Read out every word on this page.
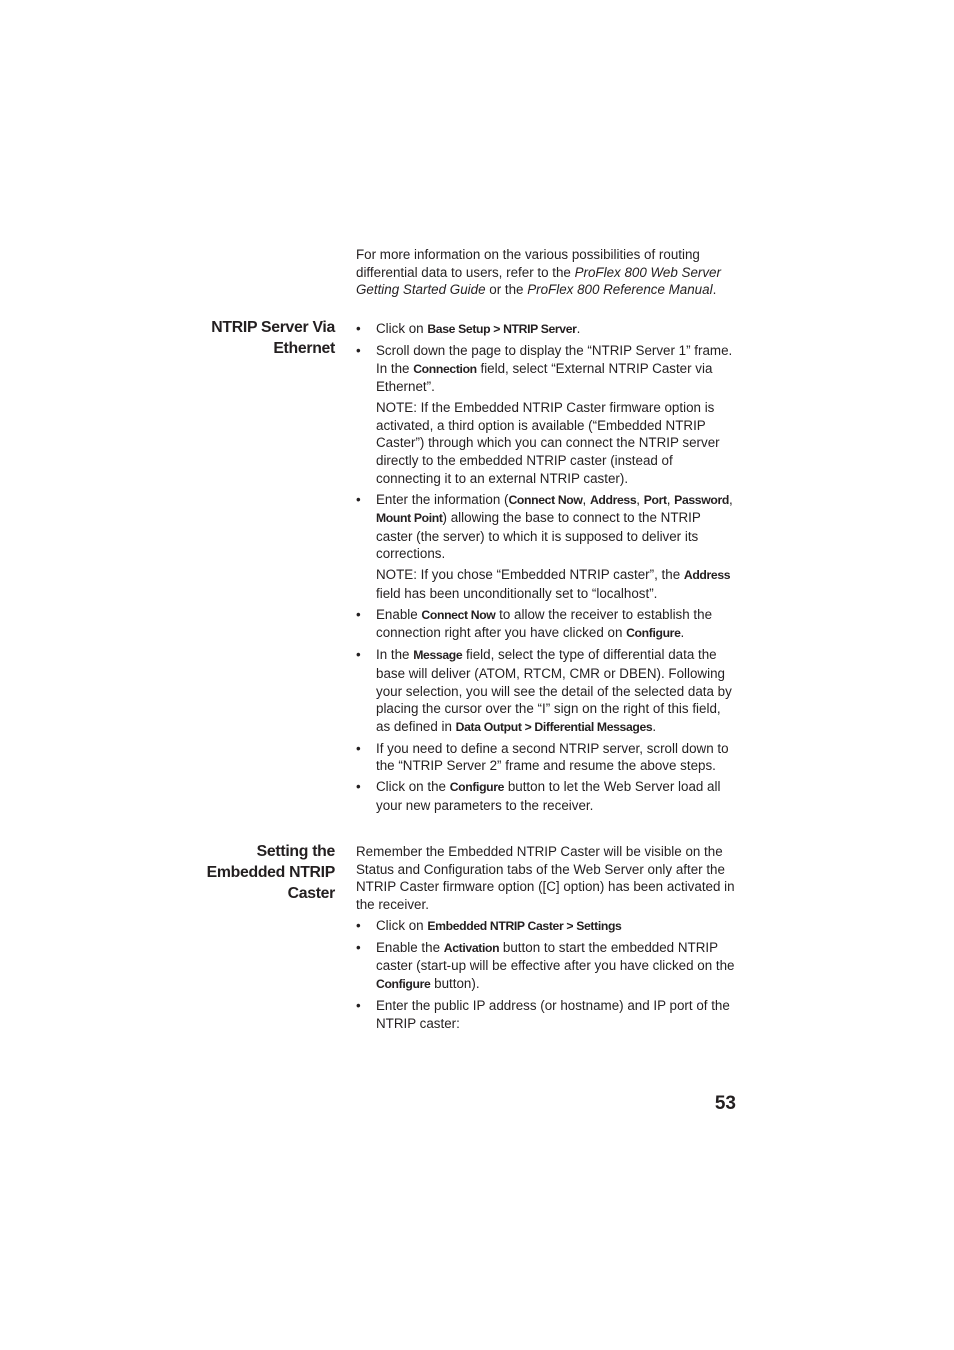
For more information on the various possibilities of routing differential data to users, refer to the ProFlex 800 Web Server Getting Started Guide or the ProFlex 800 Reference Manual.
NTRIP Server Via
Ethernet
• Click on Base Setup > NTRIP Server.
• Scroll down the page to display the “NTRIP Server 1” frame. In the Connection field, select “External NTRIP Caster via Ethernet”.
NOTE: If the Embedded NTRIP Caster firmware option is activated, a third option is available (“Embedded NTRIP Caster”) through which you can connect the NTRIP server directly to the embedded NTRIP caster (instead of connecting it to an external NTRIP caster).
• Enter the information (Connect Now, Address, Port, Password, Mount Point) allowing the base to connect to the NTRIP caster (the server) to which it is supposed to deliver its corrections.
NOTE: If you chose “Embedded NTRIP caster”, the Address field has been unconditionally set to “localhost”.
• Enable Connect Now to allow the receiver to establish the connection right after you have clicked on Configure.
• In the Message field, select the type of differential data the base will deliver (ATOM, RTCM, CMR or DBEN). Following your selection, you will see the detail of the selected data by placing the cursor over the “I” sign on the right of this field, as defined in Data Output > Differential Messages.
• If you need to define a second NTRIP server, scroll down to the “NTRIP Server 2” frame and resume the above steps.
• Click on the Configure button to let the Web Server load all your new parameters to the receiver.
Setting the
Embedded NTRIP
Caster

Remember the Embedded NTRIP Caster will be visible on the Status and Configuration tabs of the Web Server only after the NTRIP Caster firmware option ([C] option) has been activated in the receiver.

• Click on Embedded NTRIP Caster > Settings
• Enable the Activation button to start the embedded NTRIP caster (start-up will be effective after you have clicked on the Configure button).
• Enter the public IP address (or hostname) and IP port of the NTRIP caster:
53
